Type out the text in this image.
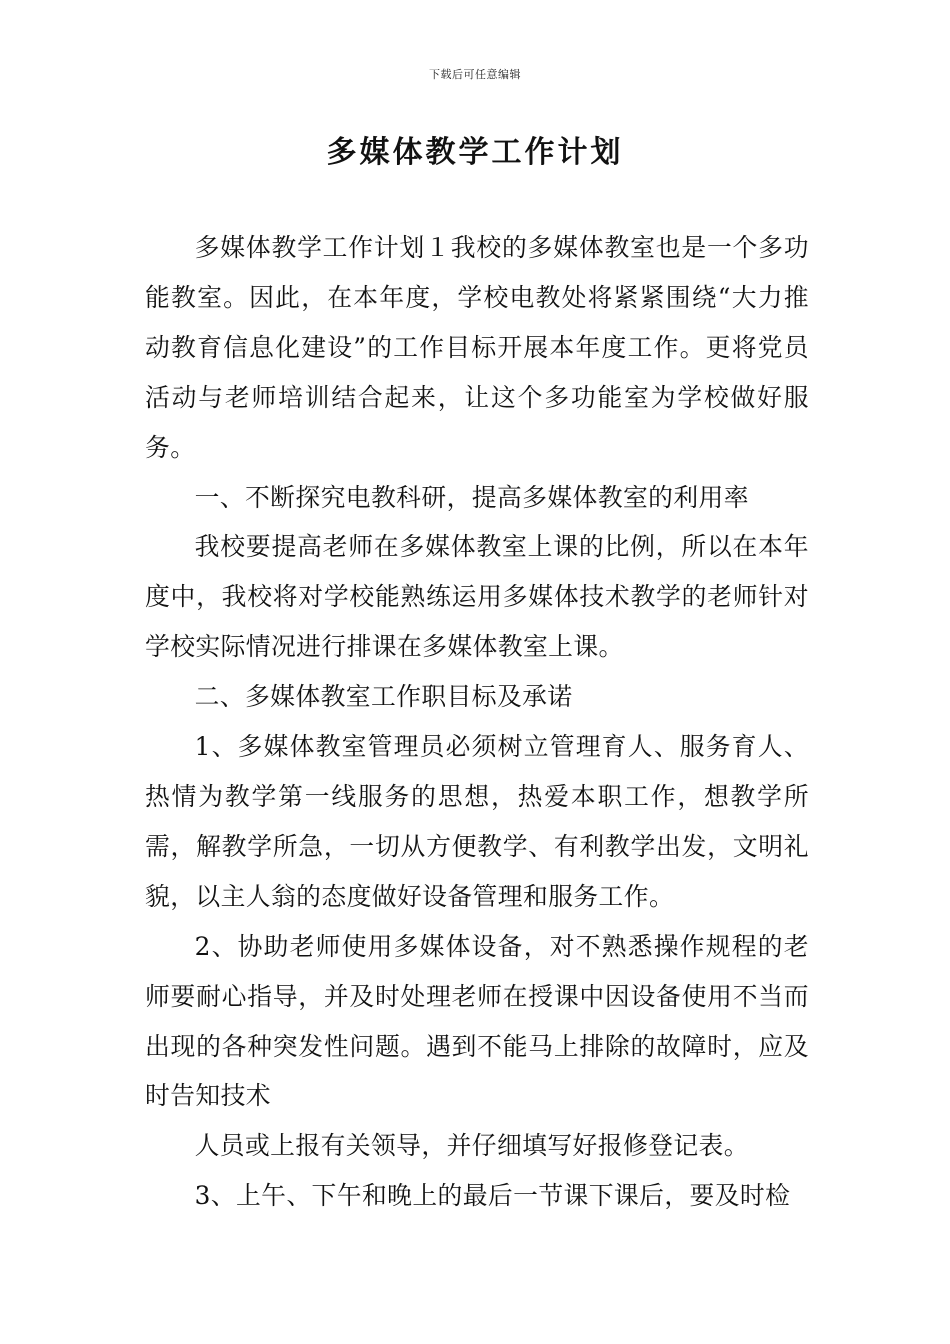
下载后可任意编辑
多媒体教学工作计划

多媒体教学工作计划１我校的多媒体教室也是一个多功能教室。因此，在本年度，学校电教处将紧紧围绕“大力推动教育信息化建设”的工作目标开展本年度工作。更将党员活动与老师培训结合起来，让这个多功能室为学校做好服务。

一、不断探究电教科研，提高多媒体教室的利用率

我校要提高老师在多媒体教室上课的比例，所以在本年度中，我校将对学校能熟练运用多媒体技术教学的老师针对学校实际情况进行排课在多媒体教室上课。

二、多媒体教室工作职目标及承诺

1、多媒体教室管理员必须树立管理育人、服务育人、热情为教学第一线服务的思想，热爱本职工作，想教学所需，解教学所急，一切从方便教学、有利教学出发，文明礼貌，以主人翁的态度做好设备管理和服务工作。

2、协助老师使用多媒体设备，对不熟悉操作规程的老师要耐心指导，并及时处理老师在授课中因设备使用不当而出现的各种突发性问题。遇到不能马上排除的故障时，应及时告知技术

人员或上报有关领导，并仔细填写好报修登记表。

3、上午、下午和晚上的最后一节课下课后，要及时检
